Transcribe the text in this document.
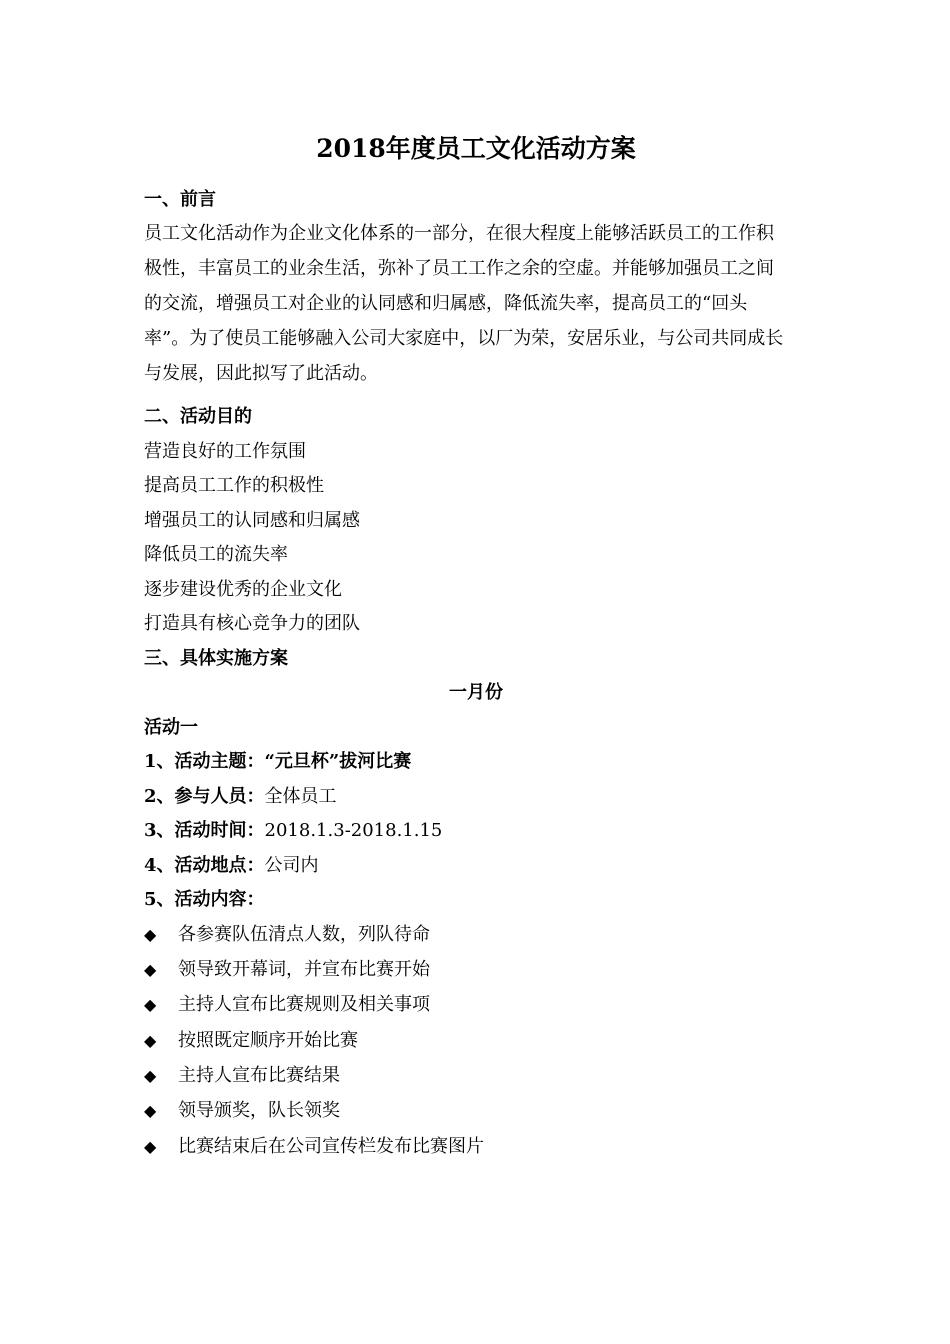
2018年度员工文化活动方案
一、前言
员工文化活动作为企业文化体系的一部分，在很大程度上能够活跃员工的工作积
极性，丰富员工的业余生活，弥补了员工工作之余的空虚。并能够加强员工之间
的交流，增强员工对企业的认同感和归属感，降低流失率，提高员工的“回头
率”。为了使员工能够融入公司大家庭中，以厂为荣，安居乐业，与公司共同成长
与发展，因此拟写了此活动。
二、活动目的
营造良好的工作氛围
提高员工工作的积极性
增强员工的认同感和归属感
降低员工的流失率
逐步建设优秀的企业文化
打造具有核心竞争力的团队
三、具体实施方案
一月份
活动一
1、活动主题：“元旦杯”拔河比赛
2、参与人员：全体员工
3、活动时间：2018.1.3-2018.1.15
4、活动地点：公司内
5、活动内容：
◆ 各参赛队伍清点人数，列队待命
◆ 领导致开幕词，并宣布比赛开始
◆ 主持人宣布比赛规则及相关事项
◆ 按照既定顺序开始比赛
◆ 主持人宣布比赛结果
◆ 领导颁奖，队长领奖
◆ 比赛结束后在公司宣传栏发布比赛图片
